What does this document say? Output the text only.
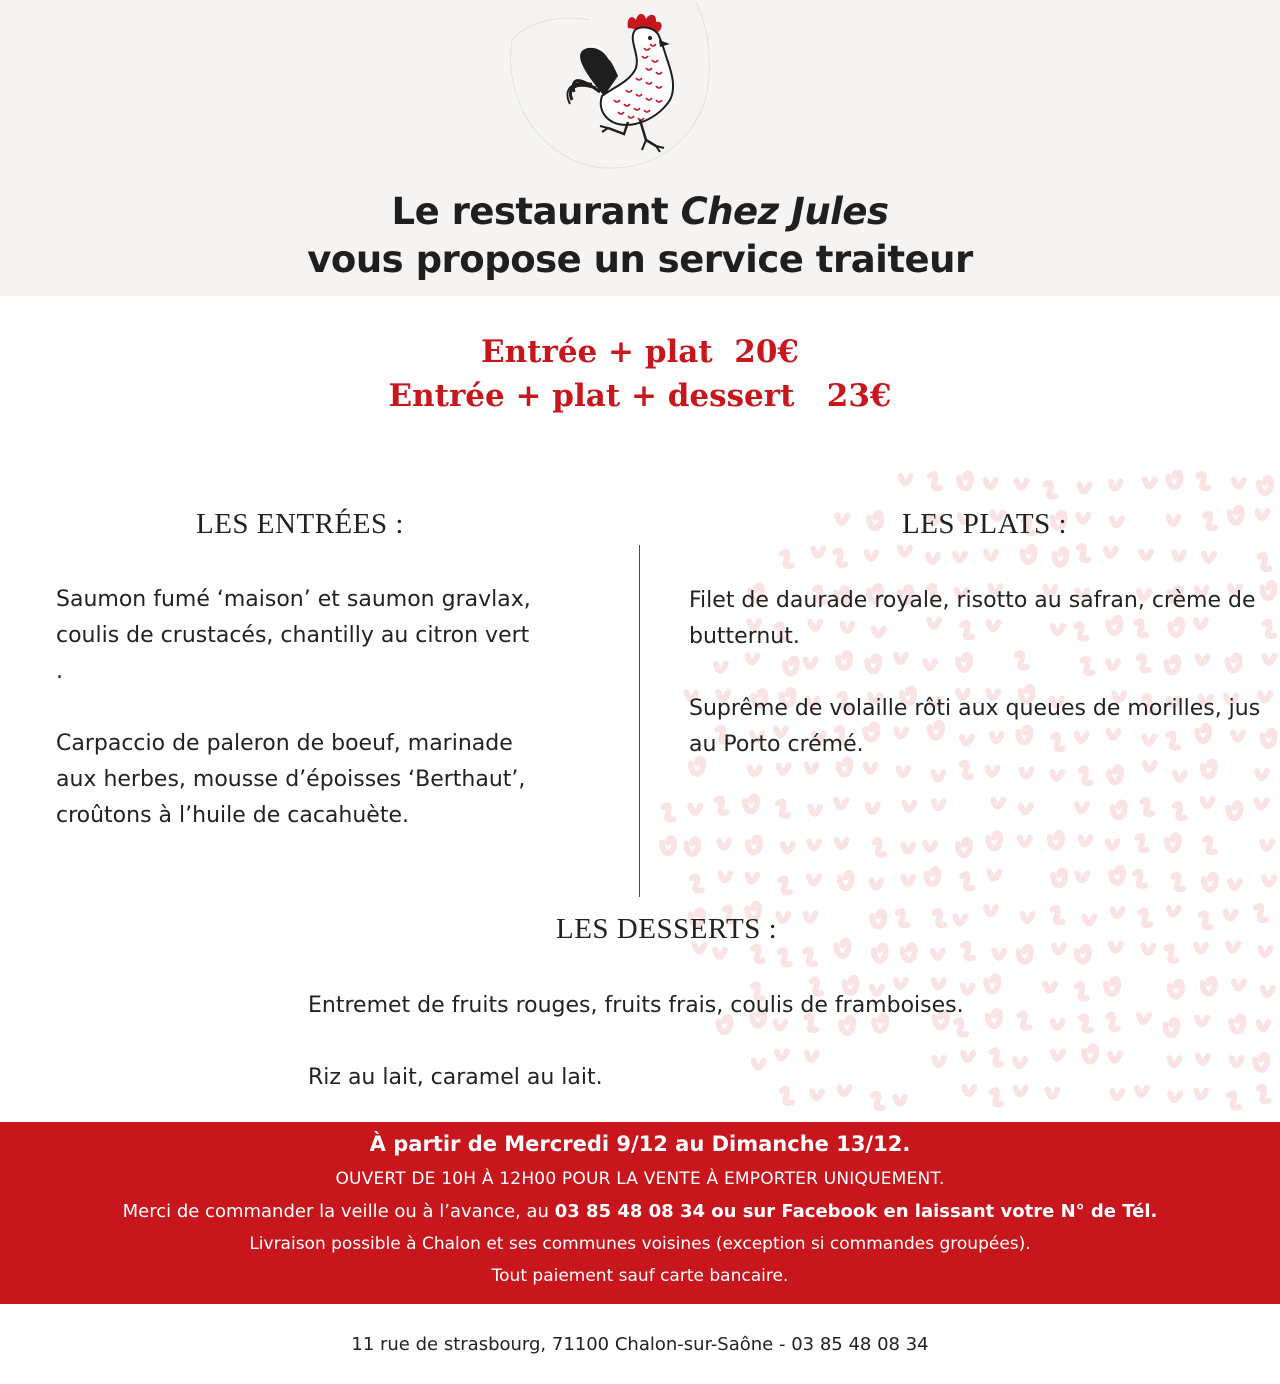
Le restaurant Chez Jules
vous propose un service traiteur
Entrée + plat  20€
Entrée + plat + dessert   23€
LES ENTRÉES :	LES PLATS :

Saumon fumé ‘maison’ et saumon gravlax, coulis de crustacés, chantilly au citron vert .

Carpaccio de paleron de boeuf, marinade aux herbes, mousse d’époisses ‘Berthaut’, croûtons à l’huile de cacahuète.

Filet de daurade royale, risotto au safran, crème de butternut.

Suprême de volaille rôti aux queues de morilles, jus au Porto crémé.

LES DESSERTS :

Entremet de fruits rouges, fruits frais, coulis de framboises.

Riz au lait, caramel au lait.

À partir de Mercredi 9/12 au Dimanche 13/12.
OUVERT DE 10H À 12H00 POUR LA VENTE À EMPORTER UNIQUEMENT.
Merci de commander la veille ou à l’avance, au 03 85 48 08 34 ou sur Facebook en laissant votre N° de Tél.
Livraison possible à Chalon et ses communes voisines (exception si commandes groupées).
Tout paiement sauf carte bancaire.
11 rue de strasbourg, 71100 Chalon-sur-Saône - 03 85 48 08 34
